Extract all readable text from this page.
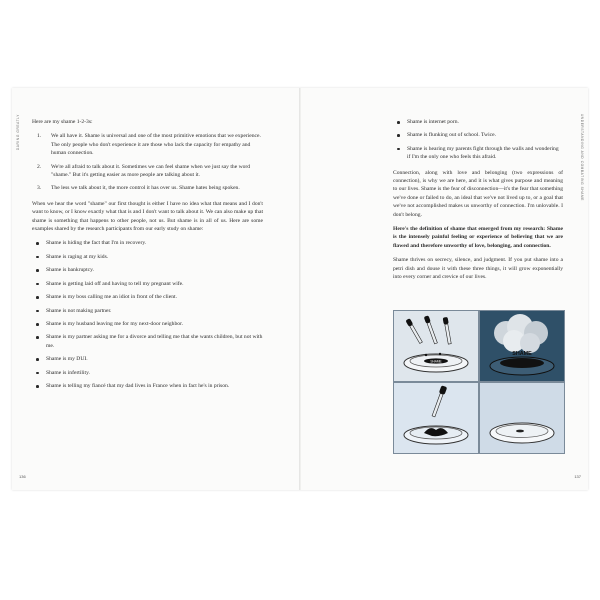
DARING GREATLY Here are my shame 1-2-3s:

1. We all have it. Shame is universal and one of the most primitive emotions that we experience. The only people who don't experience it are those who lack the capacity for empathy and human connection.
2. We're all afraid to talk about it. Sometimes we can feel shame when we just say the word "shame." But it's getting easier as more people are talking about it.
3. The less we talk about it, the more control it has over us. Shame hates being spoken.

When we hear the word "shame" our first thought is either I have no idea what that means and I don't want to know, or I know exactly what that is and I don't want to talk about it. We can also make up that shame is something that happens to other people, not us. But shame is in all of us. Here are some examples shared by the research participants from our early study on shame:

Shame is hiding the fact that I'm in recovery.
Shame is raging at my kids.
Shame is bankruptcy.
Shame is getting laid off and having to tell my pregnant wife.
Shame is my boss calling me an idiot in front of the client.
Shame is not making partner.
Shame is my husband leaving me for my next-door neighbor.
Shame is my partner asking me for a divorce and telling me that she wants children, but not with me.
Shame is my DUI.
Shame is infertility.
Shame is telling my fiancé that my dad lives in France when in fact he's in prison.
136
UNDERSTANDING AND COMBATING SHAME
Shame is internet porn.
Shame is flunking out of school. Twice.
Shame is hearing my parents fight through the walls and wondering if I'm the only one who feels this afraid.

Connection, along with love and belonging (two expressions of connection), is why we are here, and it is what gives purpose and meaning to our lives. Shame is the fear of disconnection—it's the fear that something we've done or failed to do, an ideal that we've not lived up to, or a goal that we've not accomplished makes us unworthy of connection. I'm unlovable. I don't belong.

Here's the definition of shame that emerged from my research: Shame is the intensely painful feeling or experience of believing that we are flawed and therefore unworthy of love, belonging, and connection.

Shame thrives on secrecy, silence, and judgment. If you put shame into a petri dish and douse it with these three things, it will grow exponentially into every corner and crevice of our lives.

SHAME
SHAME
137
